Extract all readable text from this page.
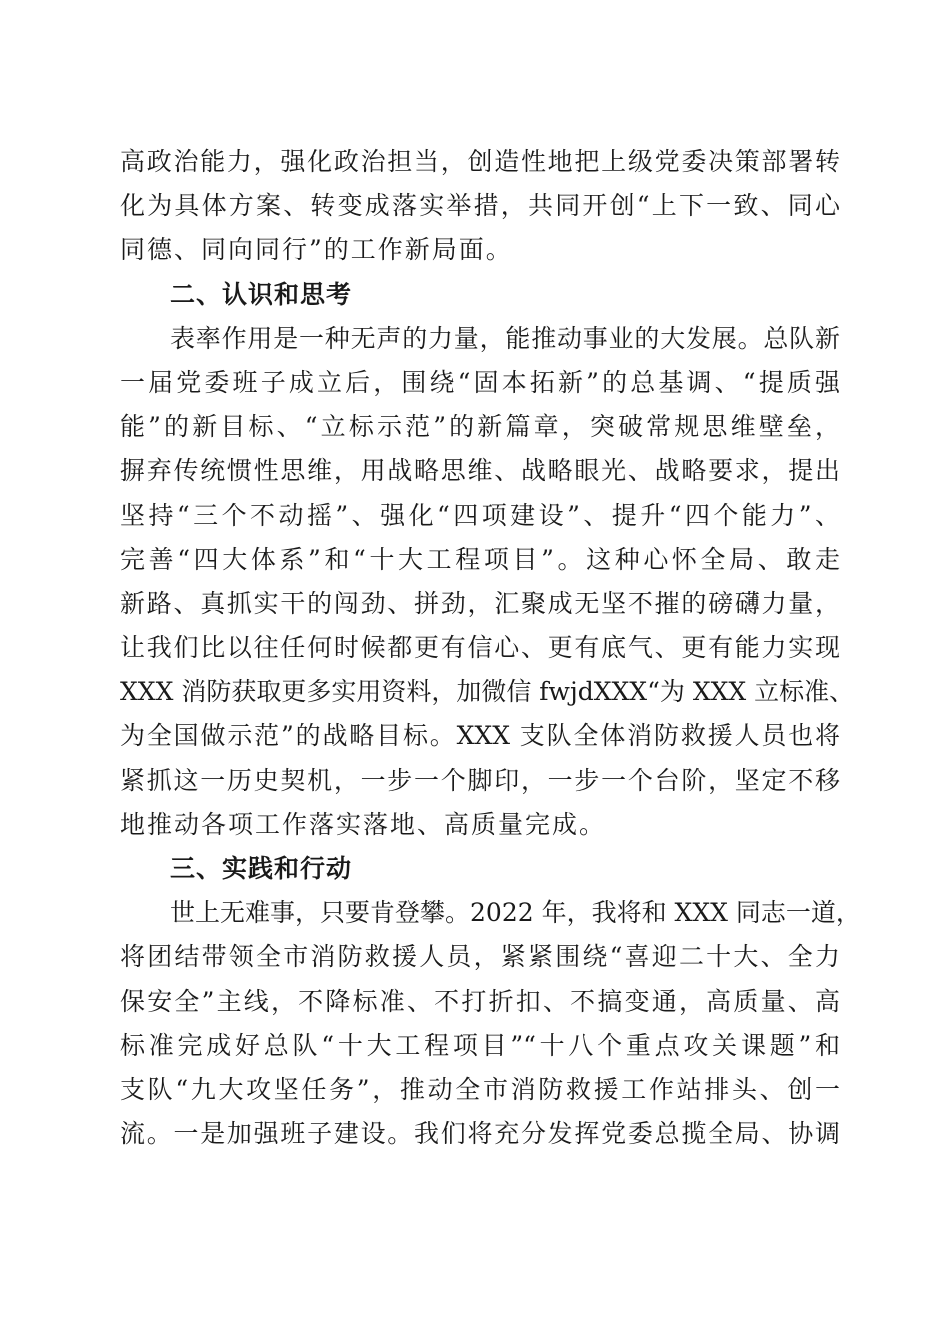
高政治能力，强化政治担当，创造性地把上级党委决策部署转
化为具体方案、转变成落实举措，共同开创“上下一致、同心
同德、同向同行”的工作新局面。
二、认识和思考
表率作用是一种无声的力量，能推动事业的大发展。总队新
一届党委班子成立后，围绕“固本拓新”的总基调、“提质强
能”的新目标、“立标示范”的新篇章，突破常规思维壁垒，
摒弃传统惯性思维，用战略思维、战略眼光、战略要求，提出
坚持“三个不动摇”、强化“四项建设”、提升“四个能力”、
完善“四大体系”和“十大工程项目”。这种心怀全局、敢走
新路、真抓实干的闯劲、拼劲，汇聚成无坚不摧的磅礴力量，
让我们比以往任何时候都更有信心、更有底气、更有能力实现
XXX 消防获取更多实用资料，加微信 fwjdXXX“为 XXX 立标准、
为全国做示范”的战略目标。XXX 支队全体消防救援人员也将
紧抓这一历史契机，一步一个脚印，一步一个台阶，坚定不移
地推动各项工作落实落地、高质量完成。
三、实践和行动
世上无难事，只要肯登攀。2022 年，我将和 XXX 同志一道，
将团结带领全市消防救援人员，紧紧围绕“喜迎二十大、全力
保安全”主线，不降标准、不打折扣、不搞变通，高质量、高
标准完成好总队“十大工程项目”“十八个重点攻关课题”和
支队“九大攻坚任务”，推动全市消防救援工作站排头、创一
流。一是加强班子建设。我们将充分发挥党委总揽全局、协调
